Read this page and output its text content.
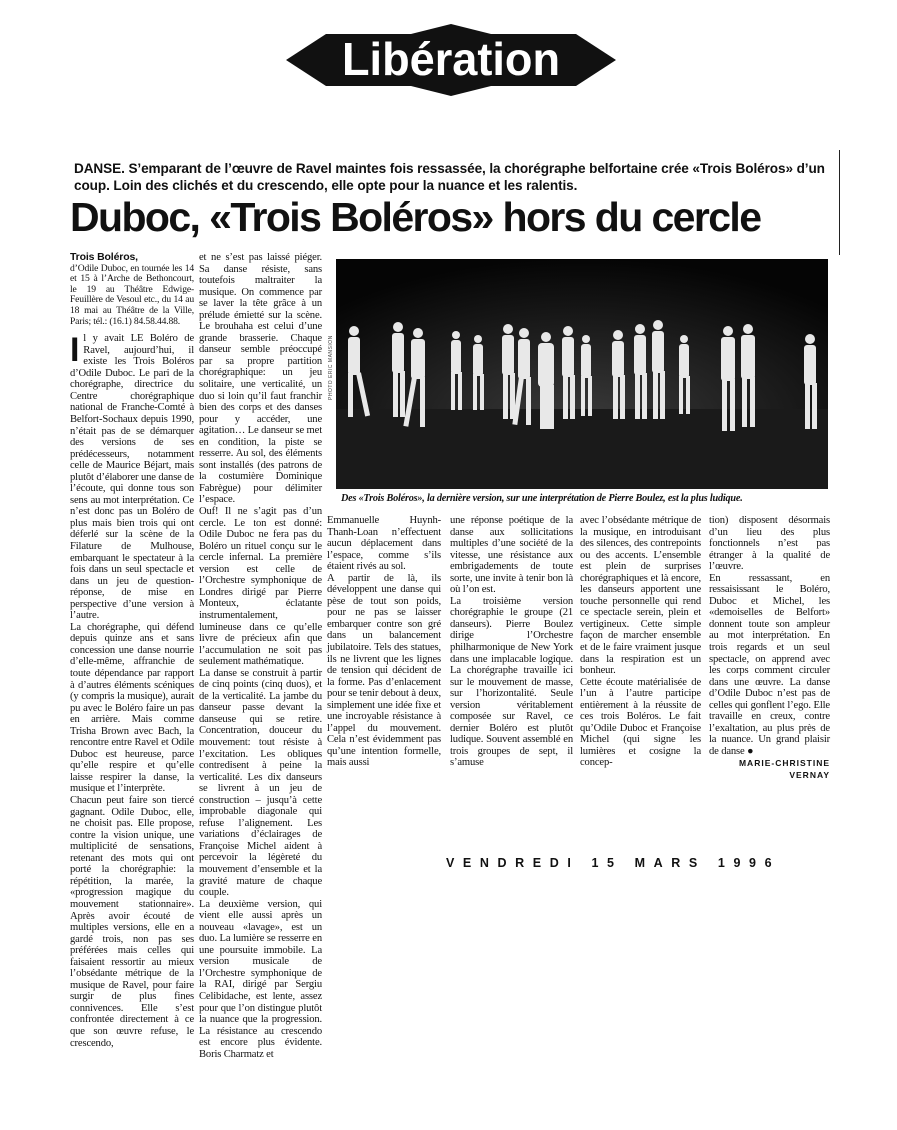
Libération
DANSE. S’emparant de l’œuvre de Ravel maintes fois ressassée, la chorégraphe belfortaine crée «Trois Boléros» d’un coup. Loin des clichés et du crescendo, elle opte pour la nuance et les ralentis.
Duboc, «Trois Boléros» hors du cercle
Trois Boléros,
d’Odile Duboc, en tournée les 14 et 15 à l’Arche de Bethoncourt, le 19 au Théâtre Edwige-Feuillère de Vesoul etc., du 14 au 18 mai au Théâtre de la Ville, Paris; tél.: (16.1) 84.58.44.88.

Il y avait LE Boléro de Ravel, aujourd’hui, il existe les Trois Boléros d’Odile Duboc. Le pari de la chorégraphe, directrice du Centre chorégraphique national de Franche-Comté à Belfort-Sochaux depuis 1990, n’était pas de se démarquer des versions de ses prédécesseurs, notamment celle de Maurice Béjart, mais plutôt d’élaborer une danse de l’écoute, qui donne tous son sens au mot interprétation. Ce n’est donc pas un Boléro de plus mais bien trois qui ont déferlé sur la scène de la Filature de Mulhouse, embarquant le spectateur à la fois dans un seul spectacle et dans un jeu de question-réponse, de mise en perspective d’une version à l’autre.

La chorégraphe, qui défend depuis quinze ans et sans concession une danse nourrie d’elle-même, affranchie de toute dépendance par rapport à d’autres éléments scéniques (y compris la musique), aurait pu avec le Boléro faire un pas en arrière. Mais comme Trisha Brown avec Bach, la rencontre entre Ravel et Odile Duboc est heureuse, parce qu’elle respire et qu’elle laisse respirer la danse, la musique et l’interprète.

Chacun peut faire son tiercé gagnant. Odile Duboc, elle, ne choisit pas. Elle propose, contre la vision unique, une multiplicité de sensations, retenant des mots qui ont porté la chorégraphie: la répétition, la marée, la «progression magique du mouvement stationnaire». Après avoir écouté de multiples versions, elle en a gardé trois, non pas ses préférées mais celles qui faisaient ressortir au mieux l’obsédante métrique de la musique de Ravel, pour faire surgir de plus fines connivences. Elle s’est confrontée directement à ce que son œuvre refuse, le crescendo,

et ne s’est pas laissé piéger. Sa danse résiste, sans toutefois maltraiter la musique. On commence par se laver la tête grâce à un prélude émietté sur la scène. Le brouhaha est celui d’une grande brasserie. Chaque danseur semble préoccupé par sa propre partition chorégraphique: un jeu solitaire, une verticalité, un duo si loin qu’il faut franchir bien des corps et des danses pour y accéder, une agitation… Le danseur se met en condition, la piste se resserre. Au sol, des éléments sont installés (des patrons de la costumière Dominique Fabrègue) pour délimiter l’espace.

Ouf! Il ne s’agit pas d’un cercle. Le ton est donné: Odile Duboc ne fera pas du Boléro un rituel conçu sur le cercle infernal. La première version est celle de l’Orchestre symphonique de Londres dirigé par Pierre Monteux, éclatante instrumentalement, lumineuse dans ce qu’elle livre de précieux afin que l’accumulation ne soit pas seulement mathématique.

La danse se construit à partir de cinq points (cinq duos), et de la verticalité. La jambe du danseur passe devant la danseuse qui se retire. Concentration, douceur du mouvement: tout résiste à l’excitation. Les obliques contredisent à peine la verticalité. Les dix danseurs se livrent à un jeu de construction – jusqu’à cette improbable diagonale qui refuse l’alignement. Les variations d’éclairages de Françoise Michel aident à percevoir la légèreté du mouvement d’ensemble et la gravité mature de chaque couple.

La deuxième version, qui vient elle aussi après un nouveau «lavage», est un duo. La lumière se resserre en une poursuite immobile. La version musicale de l’Orchestre symphonique de la RAI, dirigé par Sergiu Celibidache, est lente, assez pour que l’on distingue plutôt la nuance que la progression. La résistance au crescendo est encore plus évidente. Boris Charmatz et

PHOTO ERIC MANSION
Des «Trois Boléros», la dernière version, sur une interprétation de Pierre Boulez, est la plus ludique.

Emmanuelle Huynh-Thanh-Loan n’effectuent aucun déplacement dans l’espace, comme s’ils étaient rivés au sol.

A partir de là, ils développent une danse qui pèse de tout son poids, pour ne pas se laisser embarquer contre son gré dans un balancement jubilatoire. Tels des statues, ils ne livrent que les lignes de tension qui décident de la forme. Pas d’enlacement pour se tenir debout à deux, simplement une idée fixe et une incroyable résistance à l’appel du mouvement. Cela n’est évidemment pas qu’une intention formelle, mais aussi

une réponse poétique de la danse aux sollicitations multiples d’une société de la vitesse, une résistance aux embrigadements de toute sorte, une invite à tenir bon là où l’on est.

La troisième version chorégraphie le groupe (21 danseurs). Pierre Boulez dirige l’Orchestre philharmonique de New York dans une implacable logique. La chorégraphe travaille ici sur le mouvement de masse, sur l’horizontalité. Seule version véritablement composée sur Ravel, ce dernier Boléro est plutôt ludique. Souvent assemblé en trois groupes de sept, il s’amuse

avec l’obsédante métrique de la musique, en introduisant des silences, des contrepoints ou des accents. L’ensemble est plein de surprises chorégraphiques et là encore, les danseurs apportent une touche personnelle qui rend ce spectacle serein, plein et vertigineux. Cette simple façon de marcher ensemble et de le faire vraiment jusque dans la respiration est un bonheur.

Cette écoute matérialisée de l’un à l’autre participe entièrement à la réussite de ces trois Boléros. Le fait qu’Odile Duboc et Françoise Michel (qui signe les lumières et cosigne la concep-

tion) disposent désormais d’un lieu des plus fonctionnels n’est pas étranger à la qualité de l’œuvre.

En ressassant, en ressaisissant le Boléro, Duboc et Michel, les «demoiselles de Belfort» donnent toute son ampleur au mot interprétation. En trois regards et un seul spectacle, on apprend avec les corps comment circuler dans une œuvre. La danse d’Odile Duboc n’est pas de celles qui gonflent l’ego. Elle travaille en creux, contre l’exaltation, au plus près de la nuance. Un grand plaisir de danse ●

MARIE-CHRISTINE VERNAY
VENDREDI 15 MARS 1996
